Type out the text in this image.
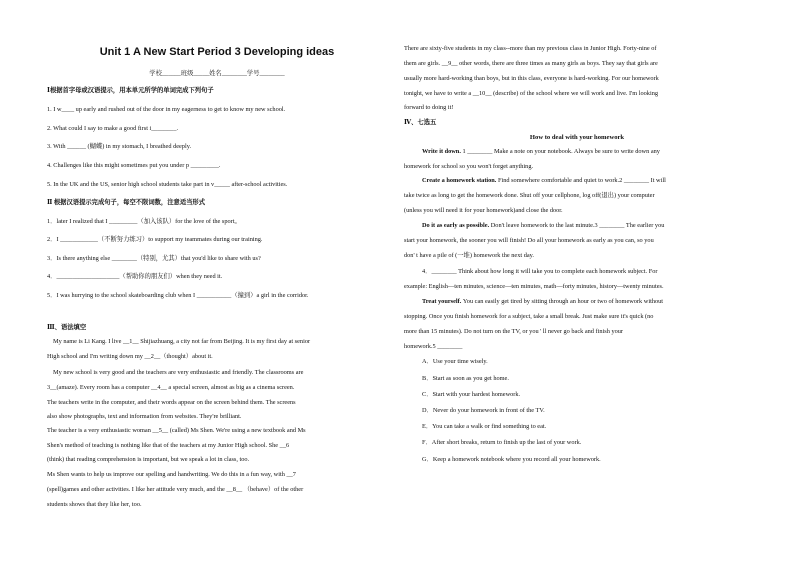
Unit 1 A New Start Period 3 Developing ideas
学校______班级_____姓名________学号________
Ⅰ根据首字母或汉语提示，用本单元所学的单词完成下列句子
1. I w____ up early and rushed out of the door in my eagerness to get to know my new school.
2. What could I say to make a good first i________.
3. With ______ (蝴蝶) in my stomach, I breathed deeply.
4. Challenges like this might sometimes put you under p _________.
5. In the UK and the US, senior high school students take part in v_____ after-school activities.
Ⅱ 根据汉语提示完成句子，每空不限词数，注意适当形式
1．later I realized that I _________（加入该队）for the love of the sport。
2．I ____________（不断努力练习）to support my teammates during our training.
3．Is there anything else ________（特别，尤其）that you'd like to share with us?
4．____________________（帮助你的朋友们）when they need it.
5．I was hurrying to the school skateboarding club when I ___________（撞到）a girl in the corridor.
Ⅲ、语法填空
My name is Li Kang. I live __1__ Shijiazhuang, a city not far from Beijing. It is my first day at senior
High school and I'm writing down my __2__（thought）about it.
My new school is very good and the teachers are very enthusiastic and friendly. The classrooms are
3__(amaze). Every room has a computer __4__ a special screen, almost as big as a cinema screen.
The teachers write in the computer, and their words appear on the screen behind them. The screens
also show photographs, text and information from websites. They're brilliant.
The teacher is a very enthusiastic woman __5__ (called) Ms Shen. We're using a new textbook and Ms
Shen's method of teaching is nothing like that of the teachers at my Junior High school. She __6
(think) that reading comprehension is important, but we speak a lot in class, too.
Ms Shen wants to help us improve our spelling and handwriting. We do this in a fun way, with __7
(spell)games and other activities. I like her attitude very much, and the __8__ （behave）of the other
students shows that they like her, too.
There are sixty-five students in my class--more than my previous class in Junior High. Forty-nine of
them are girls. __9__ other words, there are three times as many girls as boys. They say that girls are
usually more hard-working than boys, but in this class, everyone is hard-working. For our homework
tonight, we have to write a __10__ (describe) of the school where we will work and live. I'm looking
forward to doing it!
Ⅳ、七选五
How to deal with your homework
Write it down. 1 ________ Make a note on your notebook. Always be sure to write down any
homework for school so you won't forget anything.
Create a homework station. Find somewhere comfortable and quiet to work.2 ________ It will
take twice as long to get the homework done. Shut off your cellphone, log off(退出) your computer
(unless you will need it for your homework)and close the door.
Do it as early as possible. Don't leave homework to the last minute.3 ________ The earlier you
start your homework, the sooner you will finish! Do all your homework as early as you can, so you
don' t have a pile of (一堆) homework the next day.
4．________ Think about how long it will take you to complete each homework subject. For
example: English—ten minutes, science—ten minutes, math—forty minutes, history—twenty minutes.
Treat yourself. You can easily get tired by sitting through an hour or two of homework without
stopping. Once you finish homework for a subject, take a small break. Just make sure it's quick (no
more than 15 minutes). Do not turn on the TV, or you ' ll never go back and finish your
homework.5 ________
A．Use your time wisely.
B．Start as soon as you get home.
C．Start with your hardest homework.
D．Never do your homework in front of the TV.
E．You can take a walk or find something to eat.
F．After short breaks, return to finish up the last of your work.
G．Keep a homework notebook where you record all your homework.
